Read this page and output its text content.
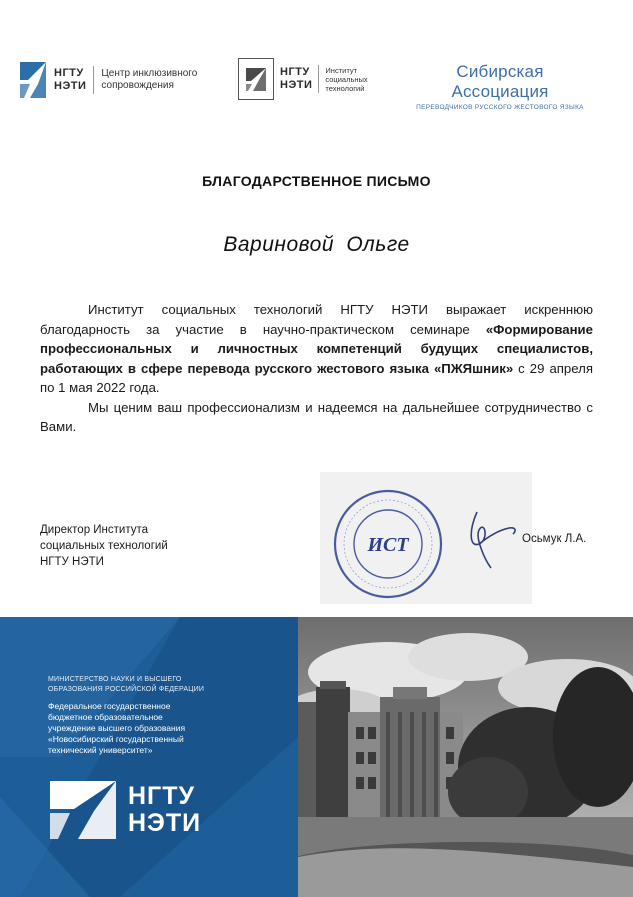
НГТУ
НЭТИ
Центр инклюзивного
сопровождения
НГТУ
НЭТИ
Институт
социальных
технологий
Сибирская Ассоциация
ПЕРЕВОДЧИКОВ РУССКОГО ЖЕСТОВОГО ЯЗЫКА
БЛАГОДАРСТВЕННОЕ ПИСЬМО
Вариновой Ольге

Институт социальных технологий НГТУ НЭТИ выражает искреннюю благодарность за участие в научно-практическом семинаре «Формирование профессиональных и личностных компетенций будущих специалистов, работающих в сфере перевода русского жестового языка «ПЖЯшник» с 29 апреля по 1 мая 2022 года.

Мы ценим ваш профессионализм и надеемся на дальнейшее сотрудничество с Вами.

ИСТ
Директор Института
социальных технологий
НГТУ НЭТИ
Осьмук Л.А.
МИНИСТЕРСТВО НАУКИ И ВЫСШЕГО
ОБРАЗОВАНИЯ РОССИЙСКОЙ ФЕДЕРАЦИИ
Федеральное государственное
бюджетное образовательное
учреждение высшего образования
«Новосибирский государственный
технический университет»
НГТУ
НЭТИ
